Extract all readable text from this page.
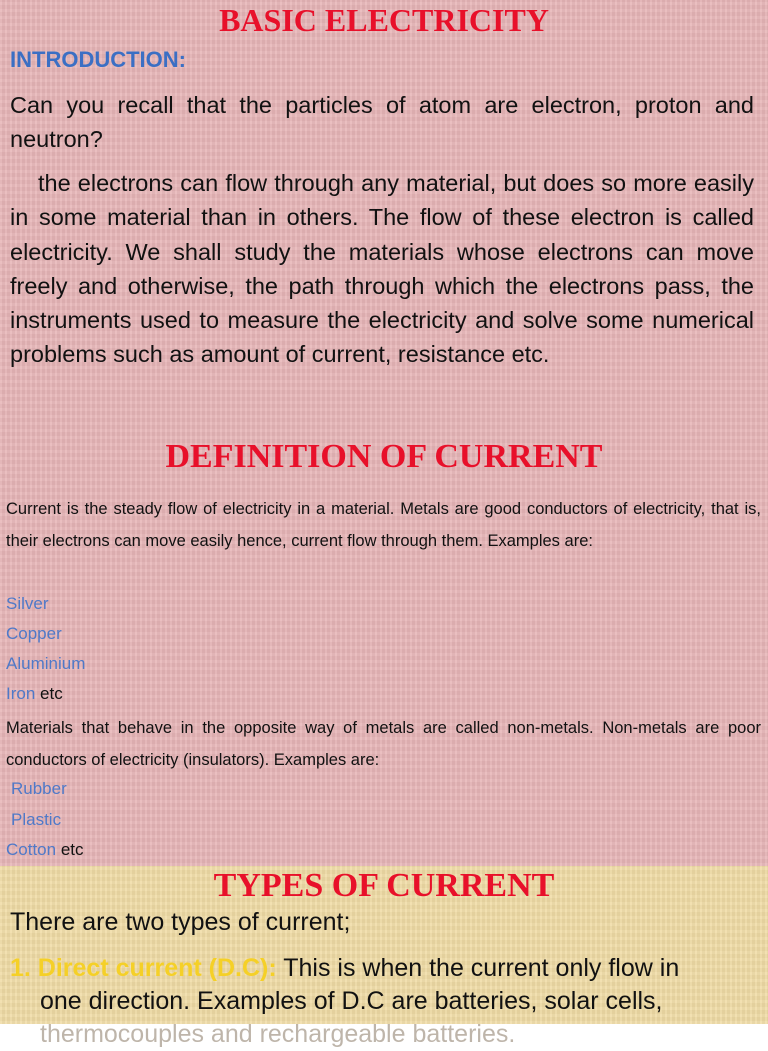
BASIC ELECTRICITY
INTRODUCTION:

Can you recall that the particles of atom are electron, proton and neutron?

the electrons can flow through any material, but does so more easily in some material than in others. The flow of these electron is called electricity. We shall study the materials whose electrons can move freely and otherwise, the path through which the electrons pass, the instruments used to measure the electricity and solve some numerical problems such as amount of current, resistance etc.

DEFINITION OF CURRENT

Current is the steady flow of electricity in a material. Metals are good conductors of electricity, that is, their electrons can move easily hence, current flow through them. Examples are:

Silver
Copper
Aluminium
Iron etc

Materials that behave in the opposite way of metals are called non-metals. Non-metals are poor conductors of electricity (insulators). Examples are:

Rubber
Plastic
Cotton etc
TYPES OF CURRENT
There are two types of current;
1. Direct current (D.C): This is when the current only flow in
one direction. Examples of D.C are batteries, solar cells,
thermocouples and rechargeable batteries.
